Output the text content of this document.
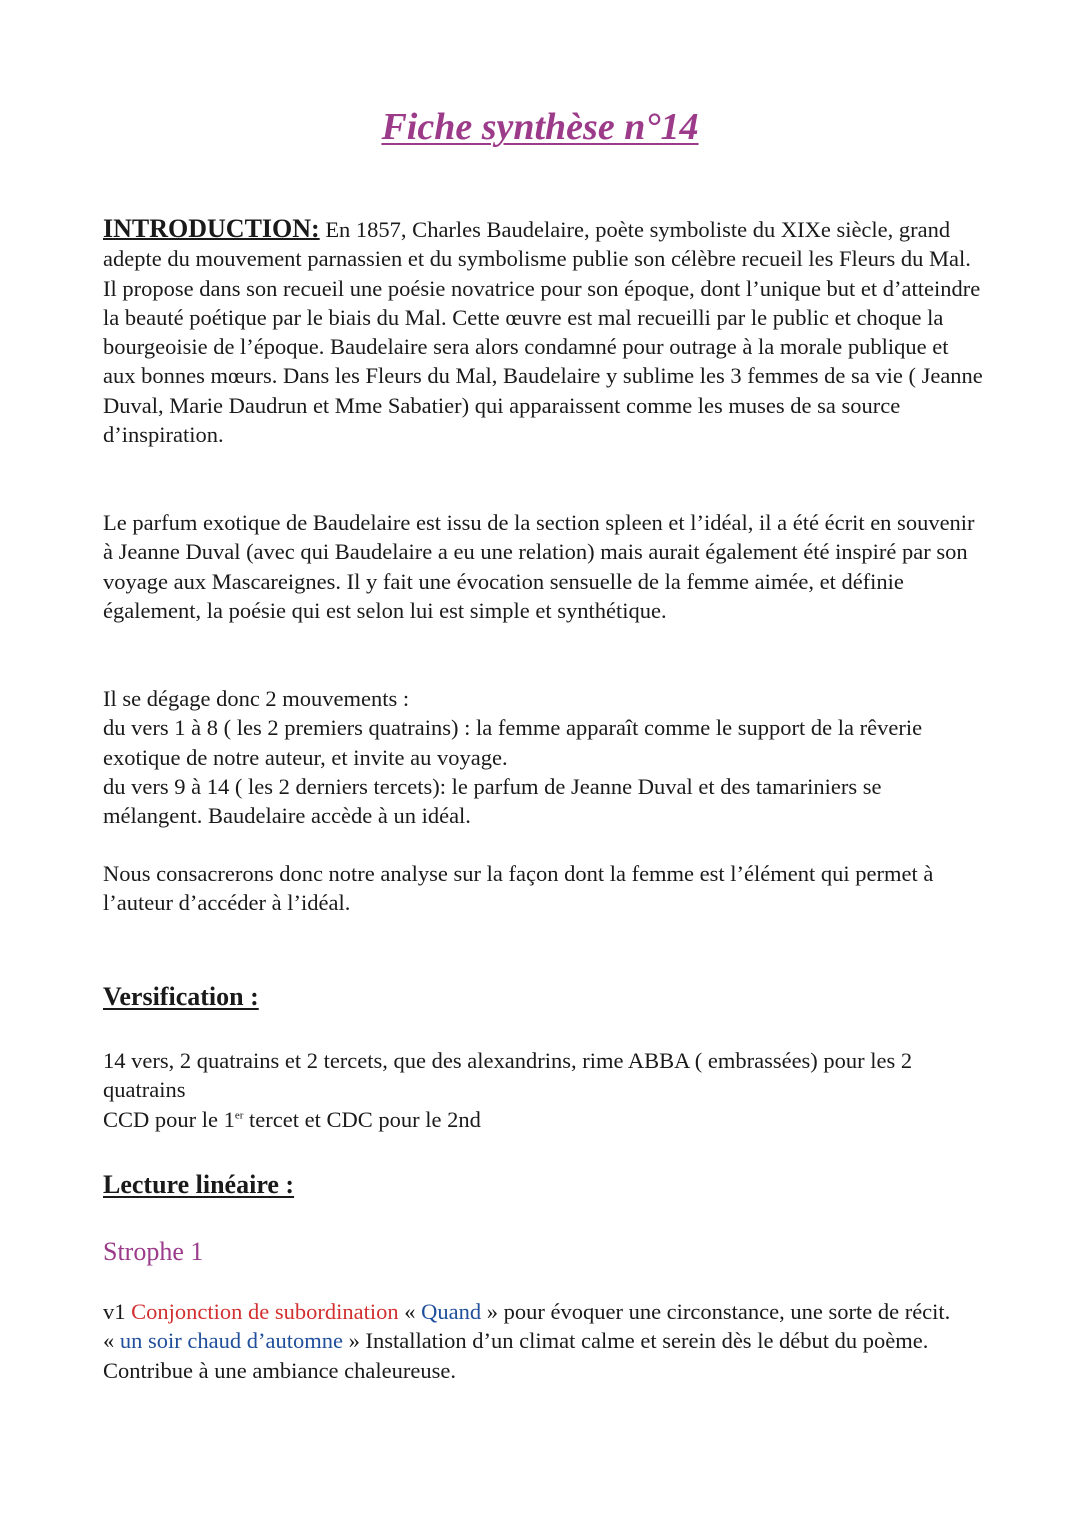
Fiche synthèse n°14

INTRODUCTION: En 1857, Charles Baudelaire, poète symboliste du XIXe siècle, grand adepte du mouvement parnassien et du symbolisme publie son célèbre recueil les Fleurs du Mal. Il propose dans son recueil une poésie novatrice pour son époque, dont l’unique but et d’atteindre la beauté poétique par le biais du Mal. Cette œuvre est mal recueilli par le public et choque la bourgeoisie de l’époque. Baudelaire sera alors condamné pour outrage à la morale publique et aux bonnes mœurs. Dans les Fleurs du Mal, Baudelaire y sublime les 3 femmes de sa vie ( Jeanne Duval, Marie Daudrun et Mme Sabatier) qui apparaissent comme les muses de sa source d’inspiration.

Le parfum exotique de Baudelaire est issu de la section spleen et l’idéal, il a été écrit en souvenir à Jeanne Duval (avec qui Baudelaire a eu une relation) mais aurait également été inspiré par son voyage aux Mascareignes. Il y fait une évocation sensuelle de la femme aimée, et définie également, la poésie qui est selon lui est simple et synthétique.

Il se dégage donc 2 mouvements :
du vers 1 à 8 ( les 2 premiers quatrains) : la femme apparaît comme le support de la rêverie exotique de notre auteur, et invite au voyage.
du vers 9 à 14 ( les 2 derniers tercets): le parfum de Jeanne Duval et des tamariniers se mélangent. Baudelaire accède à un idéal.

Nous consacrerons donc notre analyse sur la façon dont la femme est l’élément qui permet à l’auteur d’accéder à l’idéal.

Versification :
14 vers, 2 quatrains et 2 tercets, que des alexandrins, rime ABBA ( embrassées) pour les 2 quatrains
CCD pour le 1er tercet et CDC pour le 2nd
Lecture linéaire :
Strophe 1
v1 Conjonction de subordination « Quand » pour évoquer une circonstance, une sorte de récit.
« un soir chaud d’automne » Installation d’un climat calme et serein dès le début du poème. Contribue à une ambiance chaleureuse.
